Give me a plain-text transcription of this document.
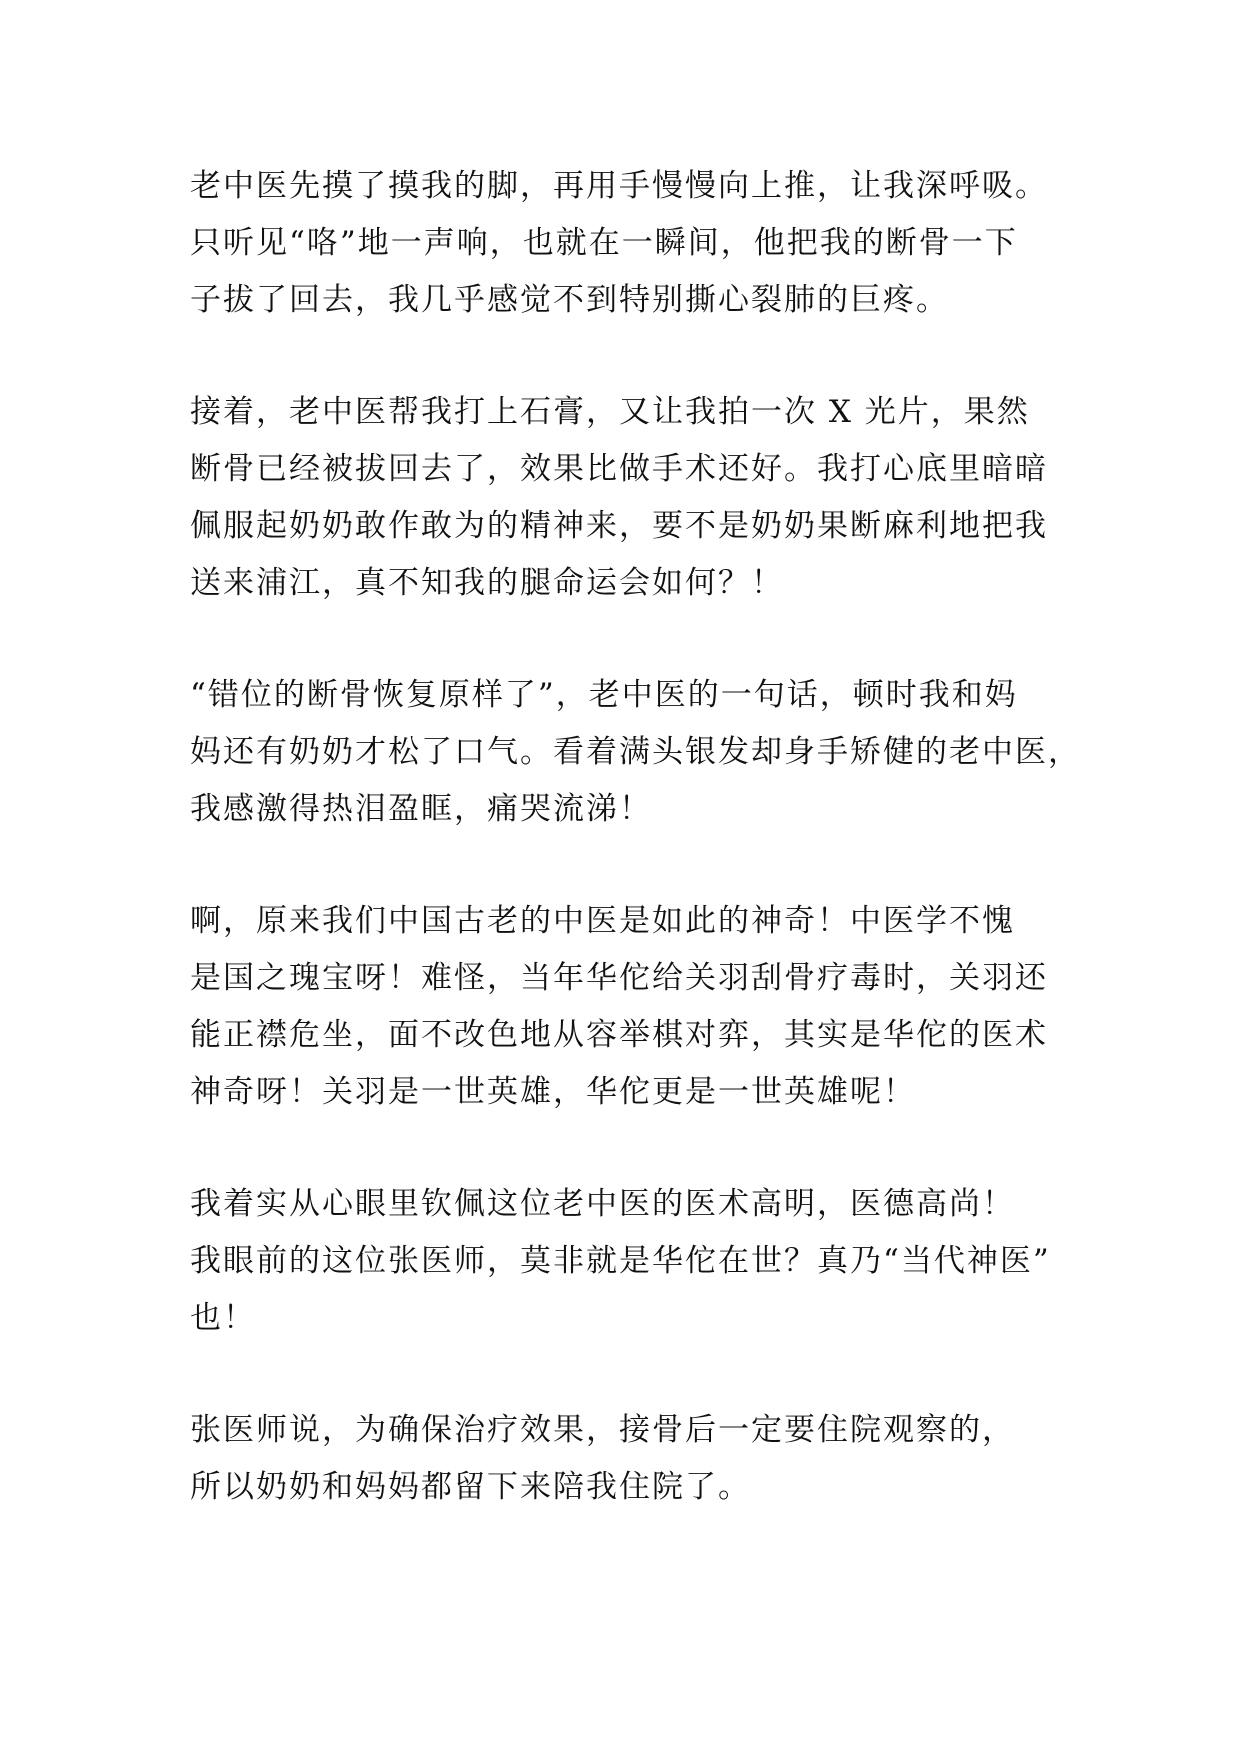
老中医先摸了摸我的脚，再用手慢慢向上推，让我深呼吸。
只听见“咯”地一声响，也就在一瞬间，他把我的断骨一下
子拔了回去，我几乎感觉不到特别撕心裂肺的巨疼。
接着，老中医帮我打上石膏，又让我拍一次 X 光片，果然
断骨已经被拔回去了，效果比做手术还好。我打心底里暗暗
佩服起奶奶敢作敢为的精神来，要不是奶奶果断麻利地把我
送来浦江，真不知我的腿命运会如何？！
“错位的断骨恢复原样了”，老中医的一句话，顿时我和妈
妈还有奶奶才松了口气。看着满头银发却身手矫健的老中医，
我感激得热泪盈眶，痛哭流涕！
啊，原来我们中国古老的中医是如此的神奇！中医学不愧
是国之瑰宝呀！难怪，当年华佗给关羽刮骨疗毒时，关羽还
能正襟危坐，面不改色地从容举棋对弈，其实是华佗的医术
神奇呀！关羽是一世英雄，华佗更是一世英雄呢！
我着实从心眼里钦佩这位老中医的医术高明，医德高尚！
我眼前的这位张医师，莫非就是华佗在世？真乃“当代神医”
也！
张医师说，为确保治疗效果，接骨后一定要住院观察的，
所以奶奶和妈妈都留下来陪我住院了。
